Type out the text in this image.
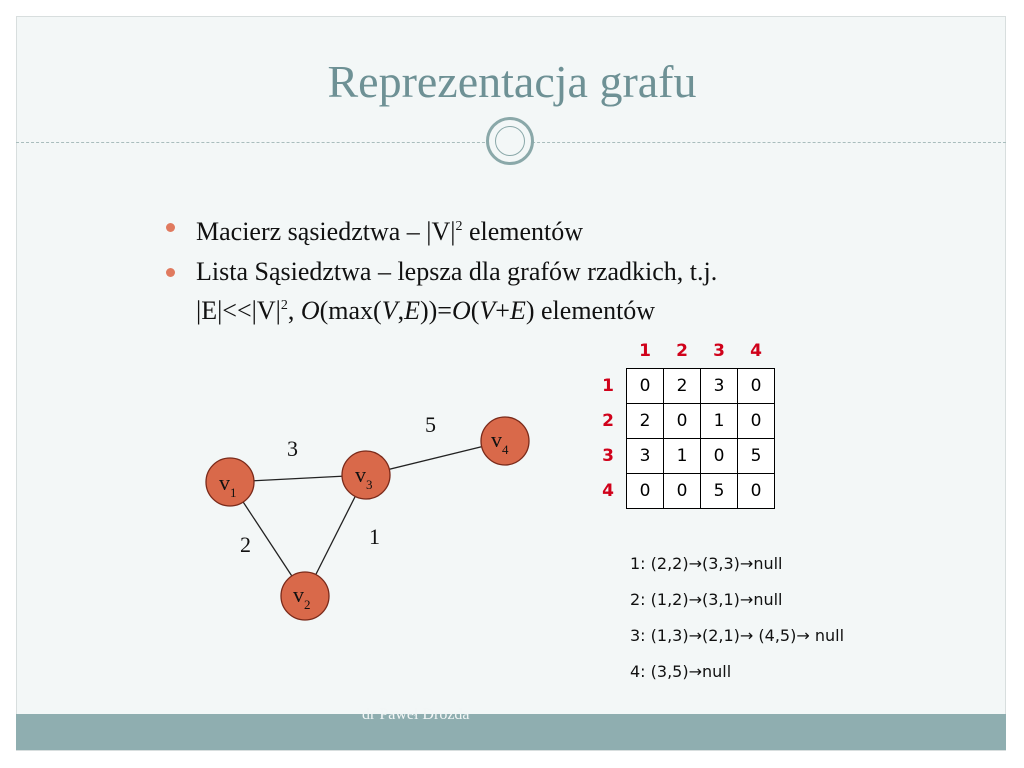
Reprezentacja grafu
Macierz sąsiedztwa – $|V|^2$ elementów
Lista Sąsiedztwa – lepsza dla grafów rzadkich, t.j.
$|E|<<|V|^2$, O(max(V,E))=O(V+E) elementów
$v_1$
$v_2$
$v_3$
$v_4$
3
2	1
5
	1	2	3	4
1	0	2	3	0
2	2	0	1	0
3	3	1	0	5
4	0	0	5	0
1: (2,2)→(3,3)→null
2: (1,2)→(3,1)→null
3: (1,3)→(2,1)→ (4,5)→ null
4: (3,5)→null
dr Paweł Drozda
